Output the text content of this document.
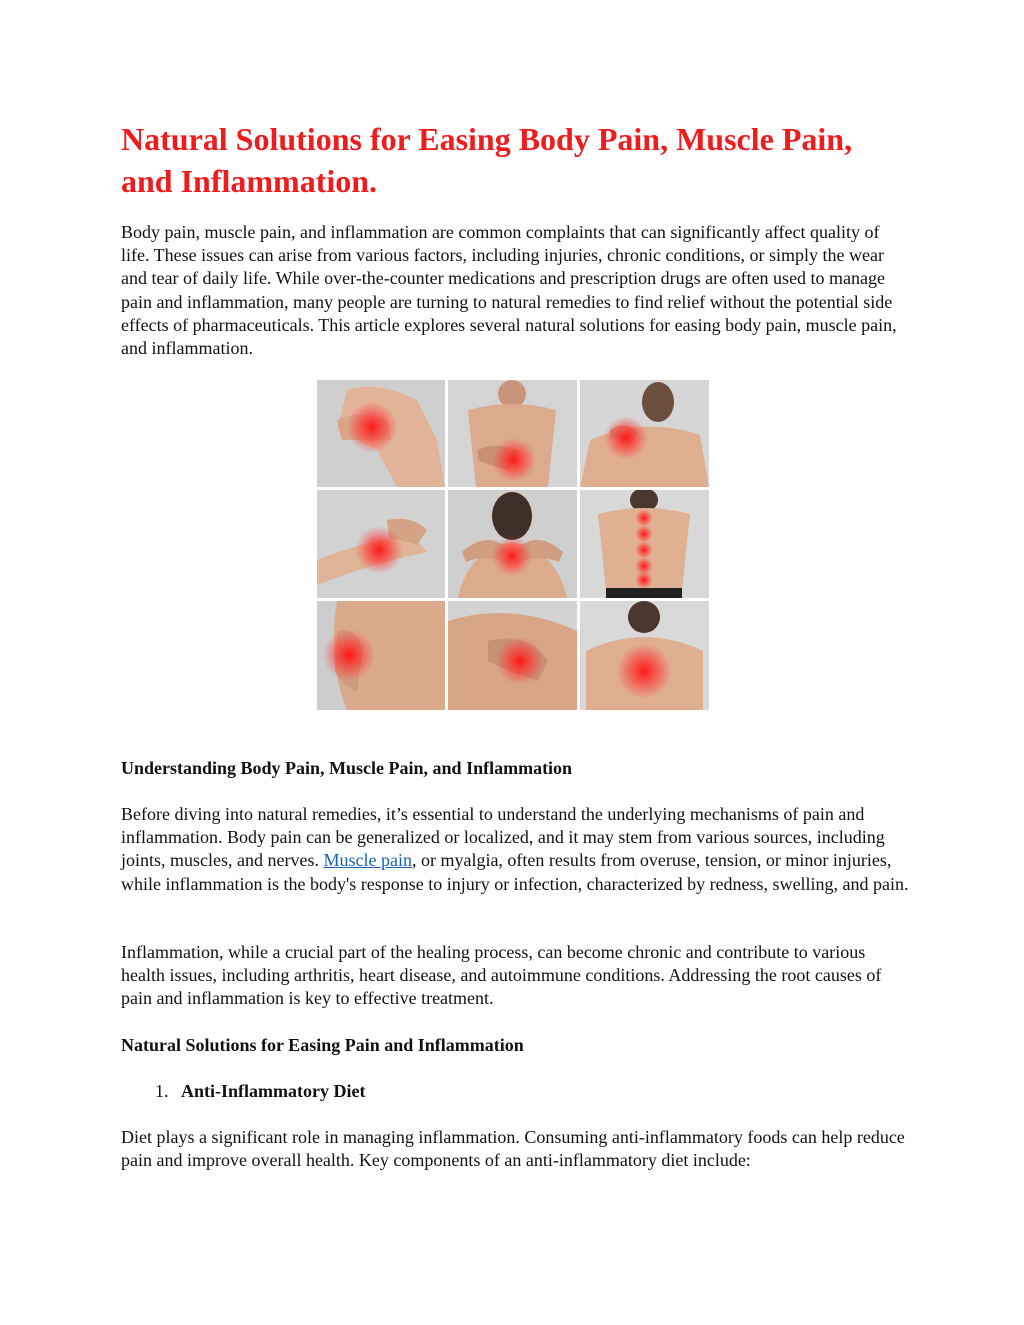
Natural Solutions for Easing Body Pain, Muscle Pain, and Inflammation.

Body pain, muscle pain, and inflammation are common complaints that can significantly affect quality of life. These issues can arise from various factors, including injuries, chronic conditions, or simply the wear and tear of daily life. While over-the-counter medications and prescription drugs are often used to manage pain and inflammation, many people are turning to natural remedies to find relief without the potential side effects of pharmaceuticals. This article explores several natural solutions for easing body pain, muscle pain, and inflammation.

Understanding Body Pain, Muscle Pain, and Inflammation

Before diving into natural remedies, it’s essential to understand the underlying mechanisms of pain and inflammation. Body pain can be generalized or localized, and it may stem from various sources, including joints, muscles, and nerves. Muscle pain, or myalgia, often results from overuse, tension, or minor injuries, while inflammation is the body's response to injury or infection, characterized by redness, swelling, and pain.

Inflammation, while a crucial part of the healing process, can become chronic and contribute to various health issues, including arthritis, heart disease, and autoimmune conditions. Addressing the root causes of pain and inflammation is key to effective treatment.

Natural Solutions for Easing Pain and Inflammation
1. Anti-Inflammatory Diet

Diet plays a significant role in managing inflammation. Consuming anti-inflammatory foods can help reduce pain and improve overall health. Key components of an anti-inflammatory diet include:
